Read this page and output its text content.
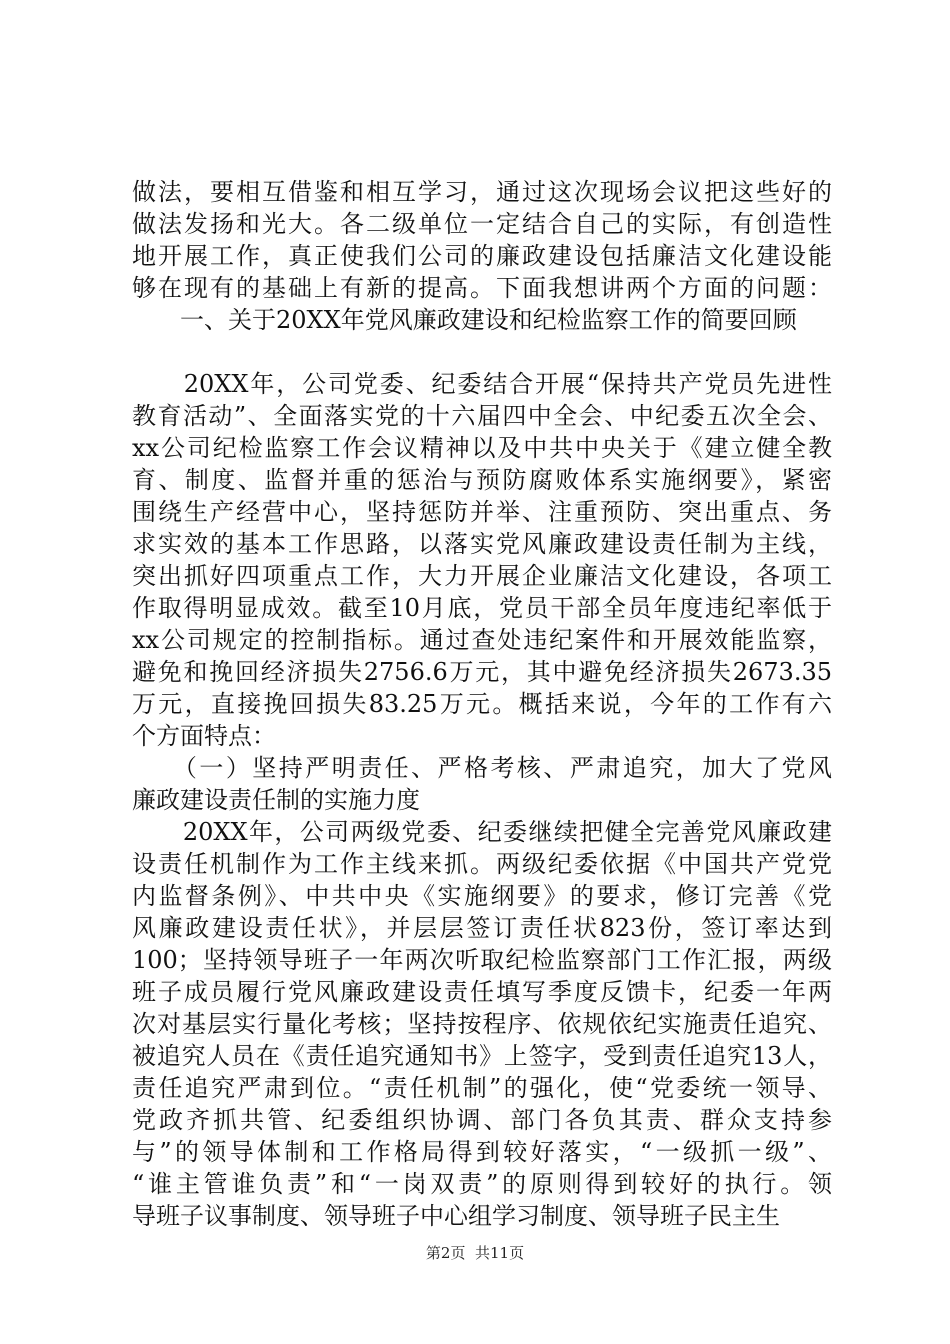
做法，要相互借鉴和相互学习，通过这次现场会议把这些好的
做法发扬和光大。各二级单位一定结合自己的实际，有创造性
地开展工作，真正使我们公司的廉政建设包括廉洁文化建设能
够在现有的基础上有新的提高。下面我想讲两个方面的问题：
　　一、关于20XX年党风廉政建设和纪检监察工作的简要回顾
　　20XX年，公司党委、纪委结合开展“保持共产党员先进性
教育活动”、全面落实党的十六届四中全会、中纪委五次全会、
xx公司纪检监察工作会议精神以及中共中央关于《建立健全教
育、制度、监督并重的惩治与预防腐败体系实施纲要》，紧密
围绕生产经营中心，坚持惩防并举、注重预防、突出重点、务
求实效的基本工作思路，以落实党风廉政建设责任制为主线，
突出抓好四项重点工作，大力开展企业廉洁文化建设，各项工
作取得明显成效。截至10月底，党员干部全员年度违纪率低于
xx公司规定的控制指标。通过查处违纪案件和开展效能监察，
避免和挽回经济损失2756.6万元，其中避免经济损失2673.35
万元，直接挽回损失83.25万元。概括来说，今年的工作有六
个方面特点：
　　（一）坚持严明责任、严格考核、严肃追究，加大了党风
廉政建设责任制的实施力度
　　20XX年，公司两级党委、纪委继续把健全完善党风廉政建
设责任机制作为工作主线来抓。两级纪委依据《中国共产党党
内监督条例》、中共中央《实施纲要》的要求，修订完善《党
风廉政建设责任状》，并层层签订责任状823份，签订率达到
100；坚持领导班子一年两次听取纪检监察部门工作汇报，两级
班子成员履行党风廉政建设责任填写季度反馈卡，纪委一年两
次对基层实行量化考核；坚持按程序、依规依纪实施责任追究、
被追究人员在《责任追究通知书》上签字，受到责任追究13人，
责任追究严肃到位。“责任机制”的强化，使“党委统一领导、
党政齐抓共管、纪委组织协调、部门各负其责、群众支持参
与”的领导体制和工作格局得到较好落实，“一级抓一级”、
“谁主管谁负责”和“一岗双责”的原则得到较好的执行。领
导班子议事制度、领导班子中心组学习制度、领导班子民主生
第2页 共11页
